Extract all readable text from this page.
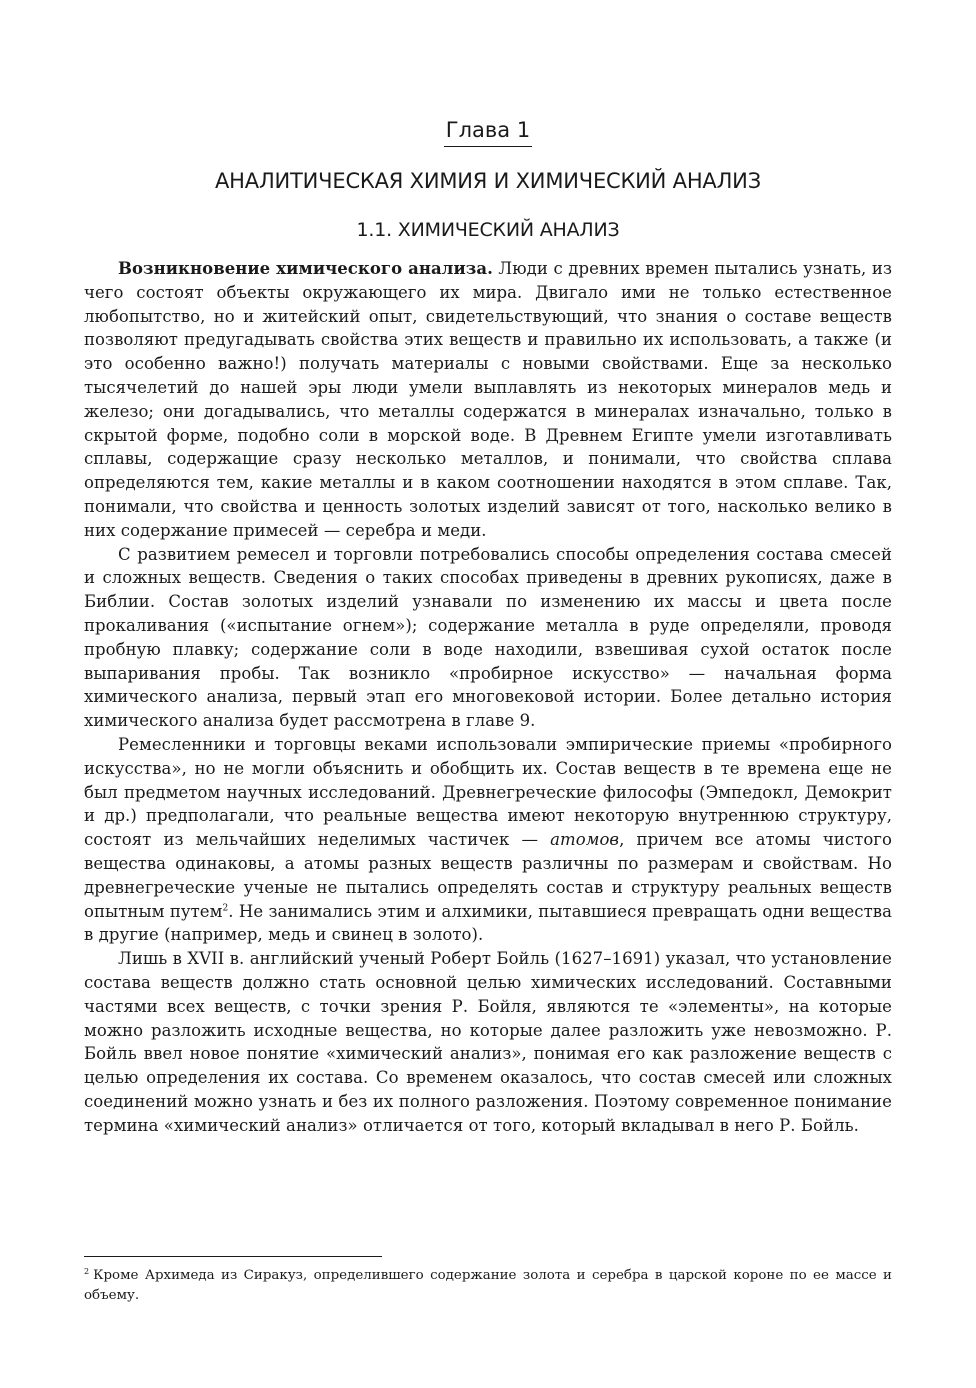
Глава 1
АНАЛИТИЧЕСКАЯ ХИМИЯ И ХИМИЧЕСКИЙ АНАЛИЗ
1.1. ХИМИЧЕСКИЙ АНАЛИЗ

Возникновение химического анализа. Люди с древних времен пытались узнать, из чего состоят объекты окружающего их мира. Двигало ими не только естественное любопытство, но и житейский опыт, свидетельствующий, что знания о составе веществ позволяют предугадывать свойства этих веществ и правильно их использовать, а также (и это особенно важно!) получать материалы с новыми свойствами. Еще за несколько тысячелетий до нашей эры люди умели выплавлять из некоторых минералов медь и железо; они догадывались, что металлы содержатся в минералах изначально, только в скрытой форме, подобно соли в морской воде. В Древнем Египте умели изготавливать сплавы, содержащие сразу несколько металлов, и понимали, что свойства сплава определяются тем, какие металлы и в каком соотношении находятся в этом сплаве. Так, понимали, что свойства и ценность золотых изделий зависят от того, насколько велико в них содержание примесей — серебра и меди.

С развитием ремесел и торговли потребовались способы определения состава смесей и сложных веществ. Сведения о таких способах приведены в древних рукописях, даже в Библии. Состав золотых изделий узнавали по изменению их массы и цвета после прокаливания («испытание огнем»); содержание металла в руде определяли, проводя пробную плавку; содержание соли в воде находили, взвешивая сухой остаток после выпаривания пробы. Так возникло «пробирное искусство» — начальная форма химического анализа, первый этап его многовековой истории. Более детально история химического анализа будет рассмотрена в главе 9.

Ремесленники и торговцы веками использовали эмпирические приемы «пробирного искусства», но не могли объяснить и обобщить их. Состав веществ в те времена еще не был предметом научных исследований. Древнегреческие философы (Эмпедокл, Демокрит и др.) предполагали, что реальные вещества имеют некоторую внутреннюю структуру, состоят из мельчайших неделимых частичек — атомов, причем все атомы чистого вещества одинаковы, а атомы разных веществ различны по размерам и свойствам. Но древнегреческие ученые не пытались определять состав и структуру реальных веществ опытным путем$^2$. Не занимались этим и алхимики, пытавшиеся превращать одни вещества в другие (например, медь и свинец в золото).

Лишь в XVII в. английский ученый Роберт Бойль (1627–1691) указал, что установление состава веществ должно стать основной целью химических исследований. Составными частями всех веществ, с точки зрения Р. Бойля, являются те «элементы», на которые можно разложить исходные вещества, но которые далее разложить уже невозможно. Р. Бойль ввел новое понятие «химический анализ», понимая его как разложение веществ с целью определения их состава. Со временем оказалось, что состав смесей или сложных соединений можно узнать и без их полного разложения. Поэтому современное понимание термина «химический анализ» отличается от того, который вкладывал в него Р. Бойль.

$^2$ Кроме Архимеда из Сиракуз, определившего содержание золота и серебра в царской короне по ее массе и объему.
